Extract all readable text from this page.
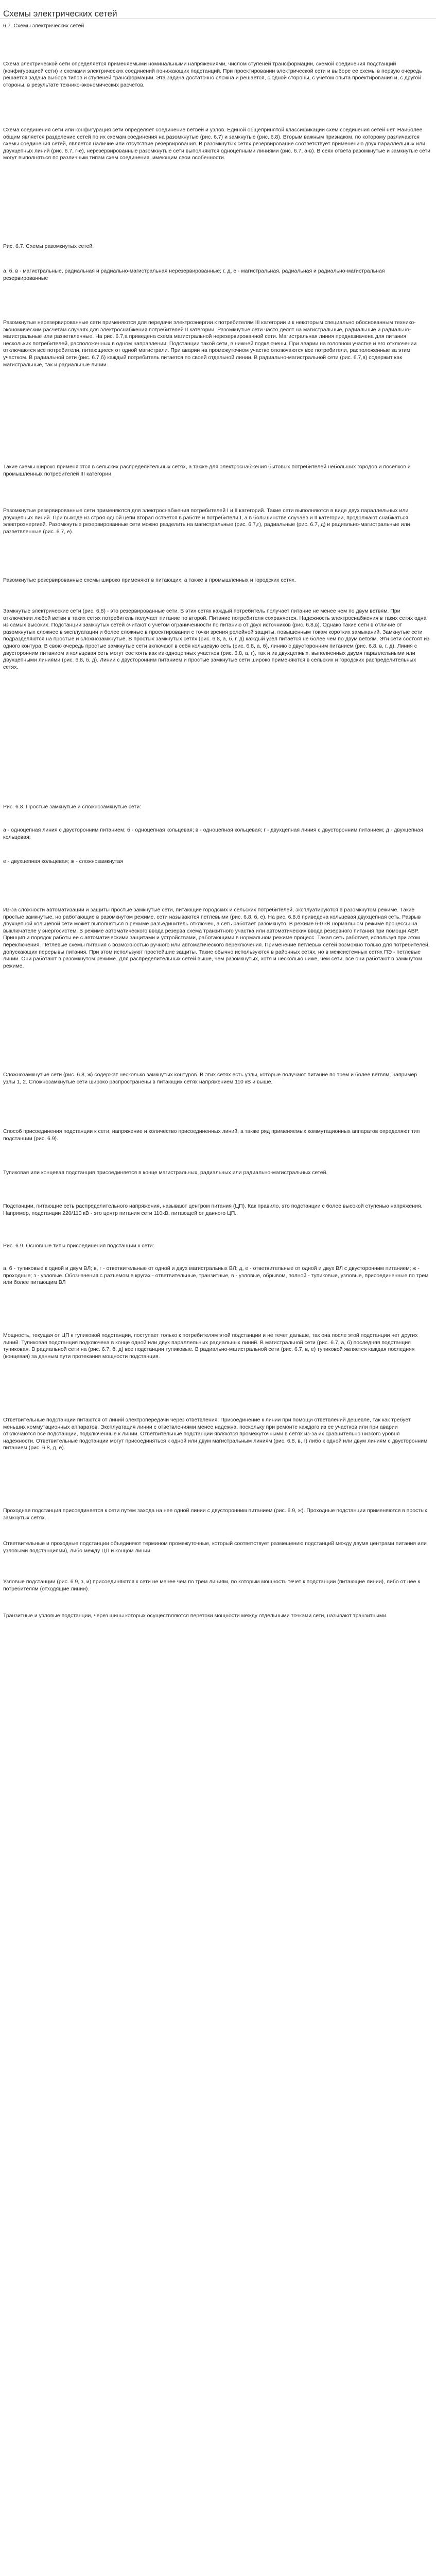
Схемы электрических сетей

6.7. Схемы электрических сетей

Схема электрической сети определяется применяемыми номинальными напряжениями, числом ступеней трансформации, схемой соединения подстанций (конфигурацией сети) и схемами электрических соединений понижающих подстанций. При проектировании электрической сети и выборе ее схемы в первую очередь решается задача выбора типов и ступеней трансформации. Эта задача достаточно сложна и решается, с одной стороны, с учетом опыта проектирования и, с другой стороны, в результате технико-экономических расчетов.

Схема соединения сети или конфигурация сети определяет соединение ветвей и узлов. Единой общепринятой классификации схем соединения сетей нет. Наиболее общим является разделение сетей по их схемам соединения на разомкнутые (рис. 6.7) и замкнутые (рис. 6.8). Вторым важным признаком, по которому различаются схемы соединения сетей, является наличие или отсутствие резервирования. В разомкнутых сетях резервирование соответствует применению двух параллельных или двухцепных линий (рис. 6.7, г-е), нерезервированные разомкнутые сети выполняются одноцепными линиями (рис. 6.7, а-в). В сеях ответа разомкнутые и замкнутые сети могут выполняться по различным типам схем соединения, имеющим свои особенности.

Рис. 6.7. Схемы разомкнутых сетей:

а, б, в - магистральные, радиальная и радиально-магистральная нерезервированные; г, д, е - магистральная, радиальная и радиально-магистральная резервированные

Разомкнутые нерезервированные сети применяются для передачи электроэнергии к потребителям III категории и к некоторым специально обоснованным технико-экономическим расчетам случаях для электроснабжения потребителей II категории. Разомкнутые сети часто делят на магистральные, радиальные и радиально-магистральные или разветвленные. На рис. 6.7,а приведена схема магистральной нерезервированной сети. Магистральная линия предназначена для питания нескольких потребителей, расположенных в одном направлении. Подстанции такой сети, в нижней подключены. При аварии на головном участке и его отключении отключаются все потребители, питающиеся от одной магистрали. При аварии на промежуточном участке отключаются все потребители, расположенные за этим участком. В радиальной сети (рис. 6.7,б) каждый потребитель питается по своей отдельной линии. В радиально-магистральной сети (рис. 6.7,в) содержит как магистральные, так и радиальные линии.

Такие схемы широко применяются в сельских распределительных сетях, а также для электроснабжения бытовых потребителей небольших городов и поселков и промышленных потребителей III категории.

Разомкнутые резервированные сети применяются для электроснабжения потребителей I и II категорий. Такие сети выполняются в виде двух параллельных или двухцепных линий. При выходе из строя одной цепи вторая остается в работе и потребители I, а в большинстве случаев и II категории, продолжают снабжаться электроэнергией. Разомкнутые резервированные сети можно разделить на магистральные (рис. 6.7,г), радиальные (рис. 6.7, д) и радиально-магистральные или разветвленные (рис. 6.7, е).

Разомкнутые резервированные схемы широко применяют в питающих, а также в промышленных и городских сетях.

Замкнутые электрические сети (рис. 6.8) - это резервированные сети. В этих сетях каждый потребитель получает питание не менее чем по двум ветвям. При отключении любой ветви в таких сетях потребитель получает питание по второй. Питание потребителя сохраняется. Надежность электроснабжения в таких сетях одна из самых высоких. Подстанции замкнутых сетей считают с учетом ограниченности по питанию от двух источников (рис. 6.8,в). Однако такие сети в отличие от разомкнутых сложнее в эксплуатации и более сложные в проектировании с точки зрения релейной защиты, повышенным токам коротких замыканий. Замкнутые сети подразделяются на простые и сложнозамкнутые. В простых замкнутых сетях (рис. 6.8, а, б, г, д) каждый узел питается не более чем по двум ветвям. Эти сети состоят из одного контура. В свою очередь простые замкнутые сети включают в себя кольцевую сеть (рис. 6.8, а, б), линию с двусторонним питанием (рис. 6.8, в, г, д). Линия с двусторонним питанием и кольцевая сеть могут состоять как из одноцепных участков (рис. 6.8, а, г), так и из двухцепных, выполненных двумя параллельными или двухцепными линиями (рис. 6.8, б, д). Линии с двусторонним питанием и простые замкнутые сети широко применяются в сельских и городских распределительных сетях.

Рис. 6.8. Простые замкнутые и сложнозамкнутые сети:

а - одноцепная линия с двусторонним питанием; б - одноцепная кольцевая; в - одноцепная кольцевая; г - двухцепная линия с двусторонним питанием; д - двухцепная кольцевая;

е - двухцепная кольцевая; ж - сложнозамкнутая

Из-за сложности автоматизации и защиты простые замкнутые сети, питающие городских и сельских потребителей, эксплуатируются в разомкнутом режиме. Такие простые замкнутые, но работающие в разомкнутом режиме, сети называются петлевыми (рис. 6.8, б, е). На рис. 6.8,б приведена кольцевая двухцепная сеть. Разрыв двухцепной кольцевой сети может выполняться в режиме разъединитель отключен, а сеть работает разомкнуто. В режиме 6-0 кВ нормальном режиме процессы на выключателе у энергосистем. В режиме автоматического ввода резерва схема транзитного участка или автоматических ввода резервного питания при помощи АВР. Принцип и порядок работы ее с автоматическими защитами и устройствами, работающими в нормальном режиме процесс. Такая сеть работает, используя при этом переключения. Петлевые схемы питания с возможностью ручного или автоматического переключения. Применение петлевых сетей возможно только для потребителей, допускающих перерывы питания. При этом используют простейшие защиты. Такие обычно используются в районных сетях, но в межсистемных сетях ПЭ - петлевые линии. Они работают в разомкнутом режиме. Для распределительных сетей выше, чем разомкнутых, хотя и несколько ниже, чем сети, все они работают в замкнутом режиме.

Сложнозамкнутые сети (рис. 6.8, ж) содержат несколько замкнутых контуров. В этих сетях есть узлы, которые получают питание по трем и более ветвям, например узлы 1, 2. Сложнозамкнутые сети широко распространены в питающих сетях напряжением 110 кВ и выше.

Способ присоединения подстанции к сети, напряжение и количество присоединенных линий, а также ряд применяемых коммутационных аппаратов определяют тип подстанции (рис. 6.9).

Тупиковая или концевая подстанция присоединяется в конце магистральных, радиальных или радиально-магистральных сетей.

Подстанции, питающие сеть распределительного напряжения, называют центром питания (ЦП). Как правило, это подстанции с более высокой ступенью напряжения. Например, подстанции 220/110 кВ - это центр питания сети 110кВ, питающей от данного ЦП.

Рис. 6.9. Основные типы присоединения подстанции к сети:

а, б - тупиковые к одной и двум ВЛ; в, г - ответвительные от одной и двух магистральных ВЛ; д, е - ответвительные от одной и двух ВЛ с двусторонним питанием; ж - проходные; з - узловые. Обозначения с разъемом в кругах - ответвительные, транзитные, в - узловые, обрывом, полной - тупиковые, узловые, присоединенные по трем или более питающим ВЛ

Мощность, текущая от ЦП к тупиковой подстанции, поступает только к потребителям этой подстанции и не течет дальше, так она после этой подстанции нет других линий. Тупиковая подстанция подключена в конце одной или двух параллельных радиальных линий. В магистральной сети (рис. 6.7, а, б) последняя подстанция тупиковая. В радиальной сети на (рис. 6.7, б, д) все подстанции тупиковые. В радиально-магистральной сети (рис. 6.7, в, е) тупиковой является каждая последняя (концевая) за данным пути протекания мощности подстанция.

Ответвительные подстанции питаются от линий электропередачи через ответвления. Присоединение к линии при помощи ответвлений дешевле, так как требует меньших коммутационных аппаратов. Эксплуатация линии с ответвлениями менее надежна, поскольку при ремонте каждого из ее участков или при аварии отключаются все подстанции, подключенные к линии. Ответвительные подстанции являются промежуточными в сетях из-за их сравнительно низкого уровня надежности. Ответвительные подстанции могут присоединяться к одной или двум магистральным линиям (рис. 6.8, в, г) либо к одной или двум линиям с двусторонним питанием (рис. 6.8, д, е).

Проходная подстанция присоединяется к сети путем захода на нее одной линии с двусторонним питанием (рис. 6.9, ж). Проходные подстанции применяются в простых замкнутых сетях.

Ответвительные и проходные подстанции объединяют термином промежуточные, который соответствует размещению подстанций между двумя центрами питания или узловыми подстанциями), либо между ЦП и концом линии.

Узловые подстанции (рис. 6.9, з, и) присоединяются к сети не менее чем по трем линиям, по которым мощность течет к подстанции (питающие линии), либо от нее к потребителям (отходящие линии).

Транзитные и узловые подстанции, через шины которых осуществляются перетоки мощности между отдельными точками сети, называют транзитными.
